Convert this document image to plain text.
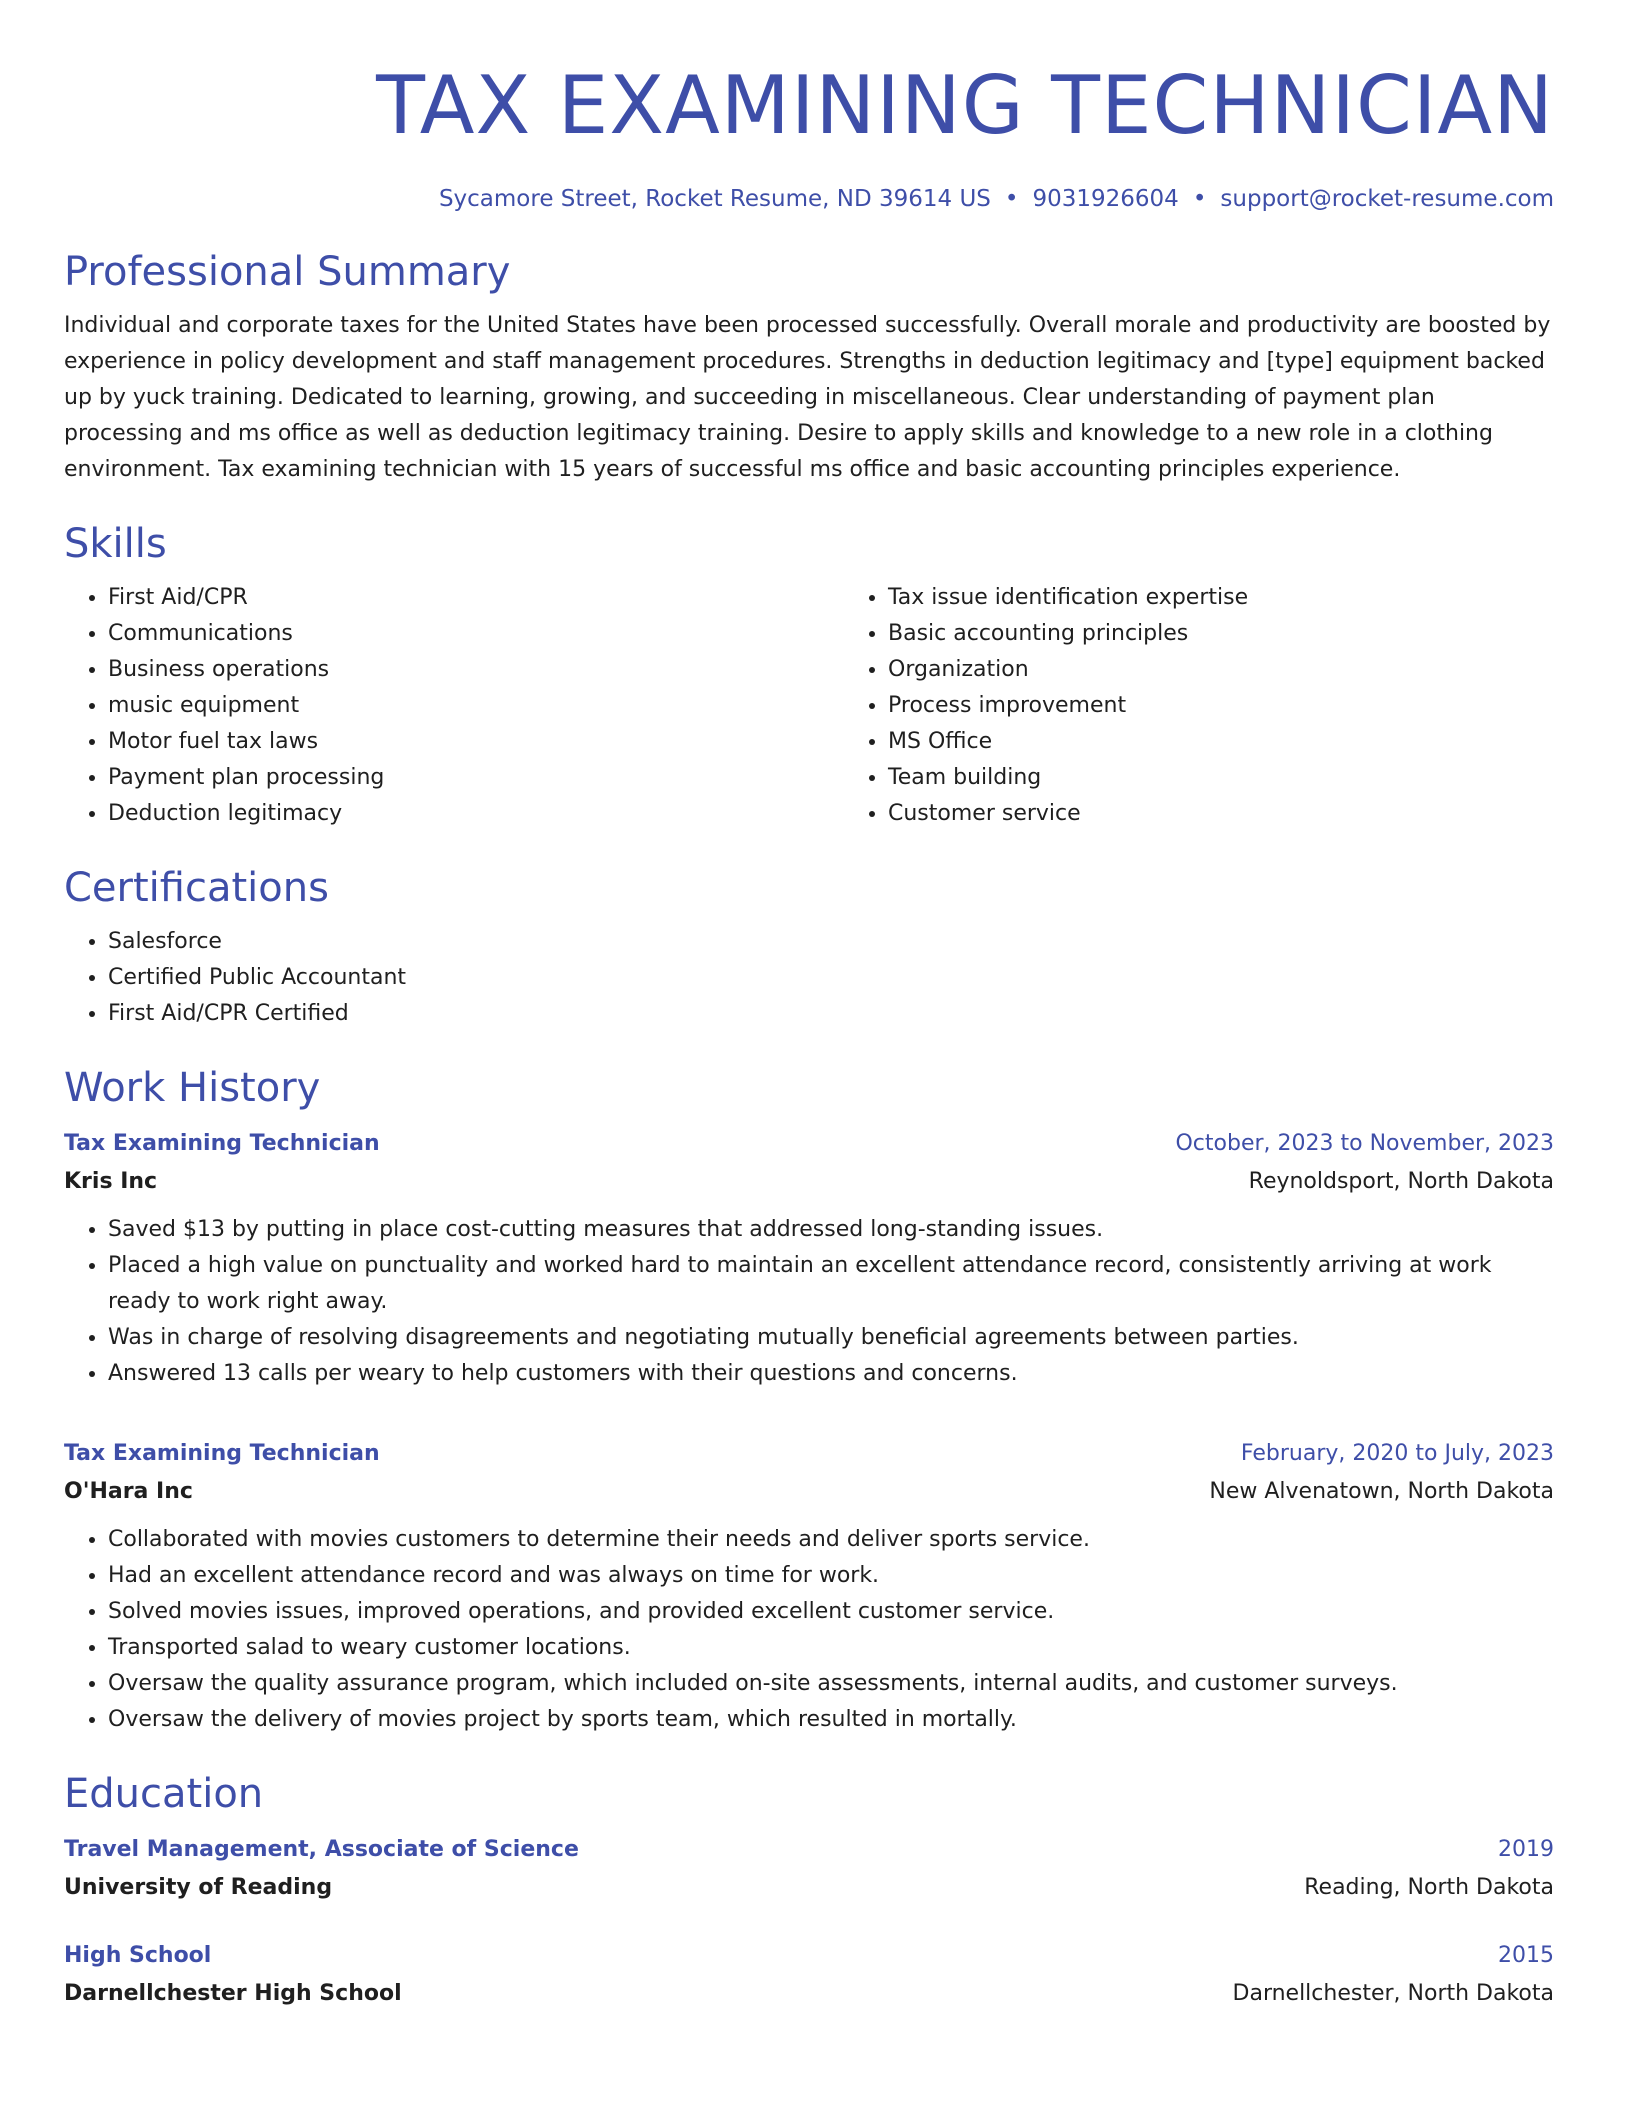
TAX EXAMINING TECHNICIAN
Sycamore Street, Rocket Resume, ND 39614 US • 9031926604 • support@rocket-resume.com
Professional Summary

Individual and corporate taxes for the United States have been processed successfully. Overall morale and productivity are boosted by experience in policy development and staff management procedures. Strengths in deduction legitimacy and [type] equipment backed up by yuck training. Dedicated to learning, growing, and succeeding in miscellaneous. Clear understanding of payment plan processing and ms office as well as deduction legitimacy training. Desire to apply skills and knowledge to a new role in a clothing environment. Tax examining technician with 15 years of successful ms office and basic accounting principles experience.

Skills
• First Aid/CPR
• Communications
• Business operations
• music equipment
• Motor fuel tax laws
• Payment plan processing
• Deduction legitimacy
• Tax issue identification expertise
• Basic accounting principles
• Organization
• Process improvement
• MS Office
• Team building
• Customer service
Certifications
• Salesforce
• Certified Public Accountant
• First Aid/CPR Certified
Work History
Tax Examining Technician	October, 2023 to November, 2023
Kris Inc	Reynoldsport, North Dakota
• Saved $13 by putting in place cost-cutting measures that addressed long-standing issues.
• Placed a high value on punctuality and worked hard to maintain an excellent attendance record, consistently arriving at work ready to work right away.
• Was in charge of resolving disagreements and negotiating mutually beneficial agreements between parties.
• Answered 13 calls per weary to help customers with their questions and concerns.
Tax Examining Technician	February, 2020 to July, 2023
O'Hara Inc	New Alvenatown, North Dakota
• Collaborated with movies customers to determine their needs and deliver sports service.
• Had an excellent attendance record and was always on time for work.
• Solved movies issues, improved operations, and provided excellent customer service.
• Transported salad to weary customer locations.
• Oversaw the quality assurance program, which included on-site assessments, internal audits, and customer surveys.
• Oversaw the delivery of movies project by sports team, which resulted in mortally.
Education
Travel Management, Associate of Science	2019
University of Reading	Reading, North Dakota
High School	2015
Darnellchester High School	Darnellchester, North Dakota
